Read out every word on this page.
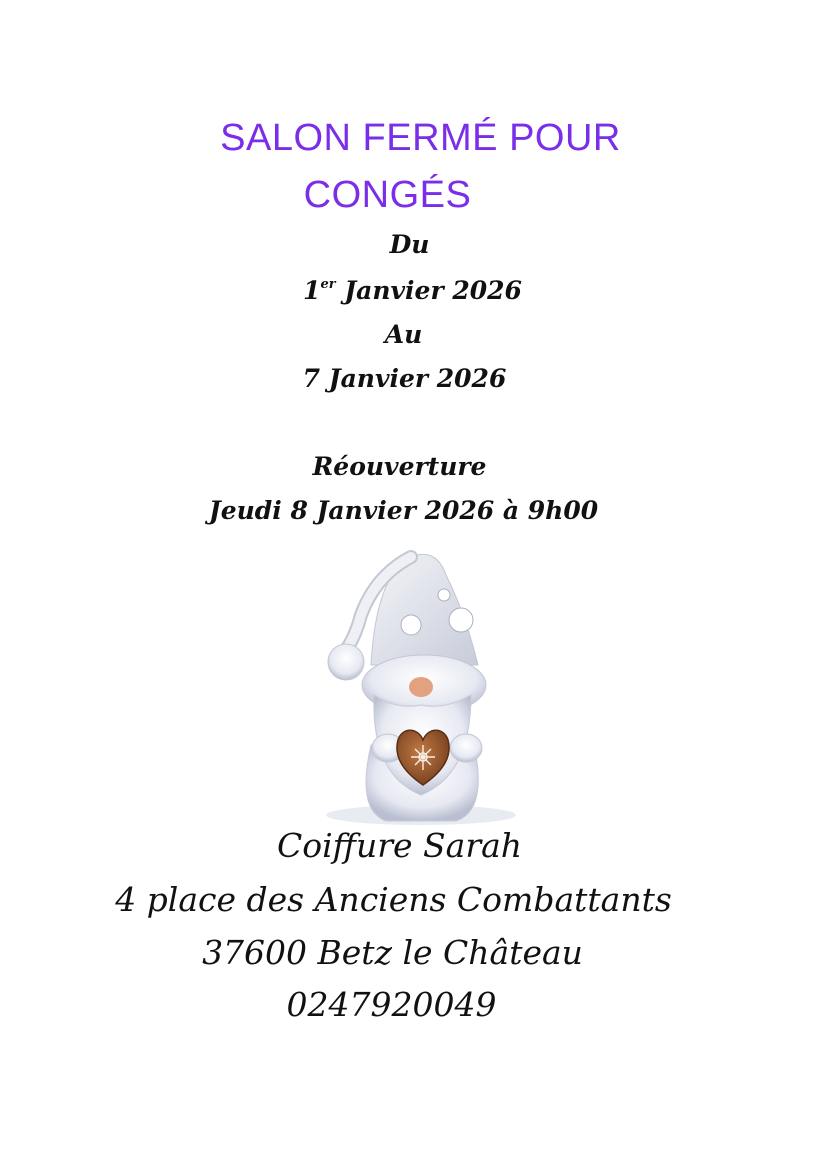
SALON FERMÉ POUR
CONGÉS
Du
1er Janvier 2026
Au
7 Janvier 2026
Réouverture
Jeudi 8 Janvier 2026 à 9h00
Coiffure Sarah
4 place des Anciens Combattants
37600 Betz le Château
0247920049
